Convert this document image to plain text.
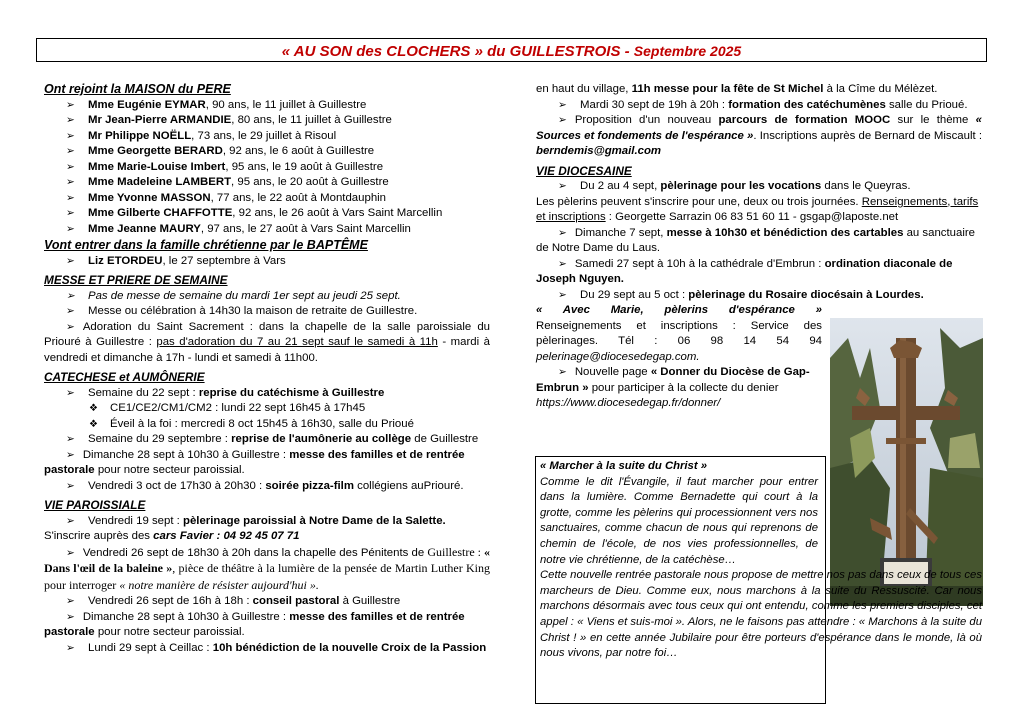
« AU SON des CLOCHERS » du GUILLESTROIS - Septembre 2025

Ont rejoint la MAISON du PERE

➢ Mme Eugénie EYMAR, 90 ans, le 11 juillet à Guillestre

➢ Mr Jean-Pierre ARMANDIE, 80 ans, le 11 juillet à Guillestre

➢ Mr Philippe NOËLL, 73 ans, le 29 juillet à Risoul

➢ Mme Georgette BERARD, 92 ans, le 6 août à Guillestre

➢ Mme Marie-Louise Imbert, 95 ans, le 19 août à Guillestre

➢ Mme Madeleine LAMBERT, 95 ans, le 20 août à Guillestre

➢ Mme Yvonne MASSON, 77 ans, le 22 août à Montdauphin

➢ Mme Gilberte CHAFFOTTE, 92 ans, le 26 août à Vars Saint Marcellin

➢ Mme Jeanne MAURY, 97 ans, le 27 août à Vars Saint Marcellin

Vont entrer dans la famille chrétienne par le BAPTÊME

➢ Liz ETORDEU, le 27 septembre à Vars

MESSE ET PRIERE DE SEMAINE

➢ Pas de messe de semaine du mardi 1er sept au jeudi 25 sept.

➢ Messe ou célébration à 14h30 la maison de retraite de Guillestre.

➢ Adoration du Saint Sacrement : dans la chapelle de la salle paroissiale du Priouré à Guillestre : pas d'adoration du 7 au 21 sept sauf le samedi à 11h - mardi à vendredi et dimanche à 17h - lundi et samedi à 11h00.

CATECHESE et AUMÔNERIE

➢ Semaine du 22 sept : reprise du catéchisme à Guillestre

❖ CE1/CE2/CM1/CM2 : lundi 22 sept 16h45 à 17h45

❖ Éveil à la foi : mercredi 8 oct 15h45 à 16h30, salle du Prioué

➢ Semaine du 29 septembre : reprise de l'aumônerie au collège de Guillestre

➢ Dimanche 28 sept à 10h30 à Guillestre : messe des familles et de rentrée pastorale pour notre secteur paroissial.

➢ Vendredi 3 oct de 17h30 à 20h30 : soirée pizza-film collégiens auPriouré.

VIE PAROISSIALE

➢ Vendredi 19 sept : pèlerinage paroissial à Notre Dame de la Salette.

S'inscrire auprès des cars Favier : 04 92 45 07 71

➢ Vendredi 26 sept de 18h30 à 20h dans la chapelle des Pénitents de Guillestre : « Dans l'œil de la baleine », pièce de théâtre à la lumière de la pensée de Martin Luther King pour interroger « notre manière de résister aujourd'hui ».

➢ Vendredi 26 sept de 16h à 18h : conseil pastoral à Guillestre

➢ Dimanche 28 sept à 10h30 à Guillestre : messe des familles et de rentrée pastorale pour notre secteur paroissial.

➢ Lundi 29 sept à Ceillac : 10h bénédiction de la nouvelle Croix de la Passion

en haut du village, 11h messe pour la fête de St Michel à la Cîme du Mélèzet.

➢ Mardi 30 sept de 19h à 20h : formation des catéchumènes salle du Prioué.

➢ Proposition d'un nouveau parcours de formation MOOC sur le thème « Sources et fondements de l'espérance ». Inscriptions auprès de Bernard de Miscault : berndemis@gmail.com

VIE DIOCESAINE

➢ Du 2 au 4 sept, pèlerinage pour les vocations dans le Queyras.

Les pèlerins peuvent s'inscrire pour une, deux ou trois journées. Renseignements, tarifs et inscriptions : Georgette Sarrazin 06 83 51 60 11 - gsgap@laposte.net

➢ Dimanche 7 sept, messe à 10h30 et bénédiction des cartables au sanctuaire de Notre Dame du Laus.

➢ Samedi 27 sept à 10h à la cathédrale d'Embrun : ordination diaconale de Joseph Nguyen.

➢ Du 29 sept au 5 oct : pèlerinage du Rosaire diocésain à Lourdes.

« Avec Marie, pèlerins d'espérance » Renseignements et inscriptions : Service des pèlerinages. Tél : 06 98 14 54 94 pelerinage@diocesedegap.com.

➢ Nouvelle page « Donner du Diocèse de Gap-Embrun » pour participer à la collecte du denier https://www.diocesedegap.fr/donner/

« Marcher à la suite du Christ »

Comme le dit l'Évangile, il faut marcher pour entrer dans la lumière. Comme Bernadette qui court à la grotte, comme les pèlerins qui processionnent vers nos sanctuaires, comme chacun de nous qui reprenons de chemin de l'école, de nos vies professionnelles, de notre vie chrétienne, de la catéchèse…

Cette nouvelle rentrée pastorale nous propose de mettre nos pas dans ceux de tous ces marcheurs de Dieu. Comme eux, nous marchons à la suite du Ressuscité. Car nous marchons désormais avec tous ceux qui ont entendu, comme les premiers disciples, cet appel : « Viens et suis-moi ». Alors, ne le faisons pas attendre : « Marchons à la suite du Christ ! » en cette année Jubilaire pour être porteurs d'espérance dans le monde, là où nous vivons, par notre foi…
